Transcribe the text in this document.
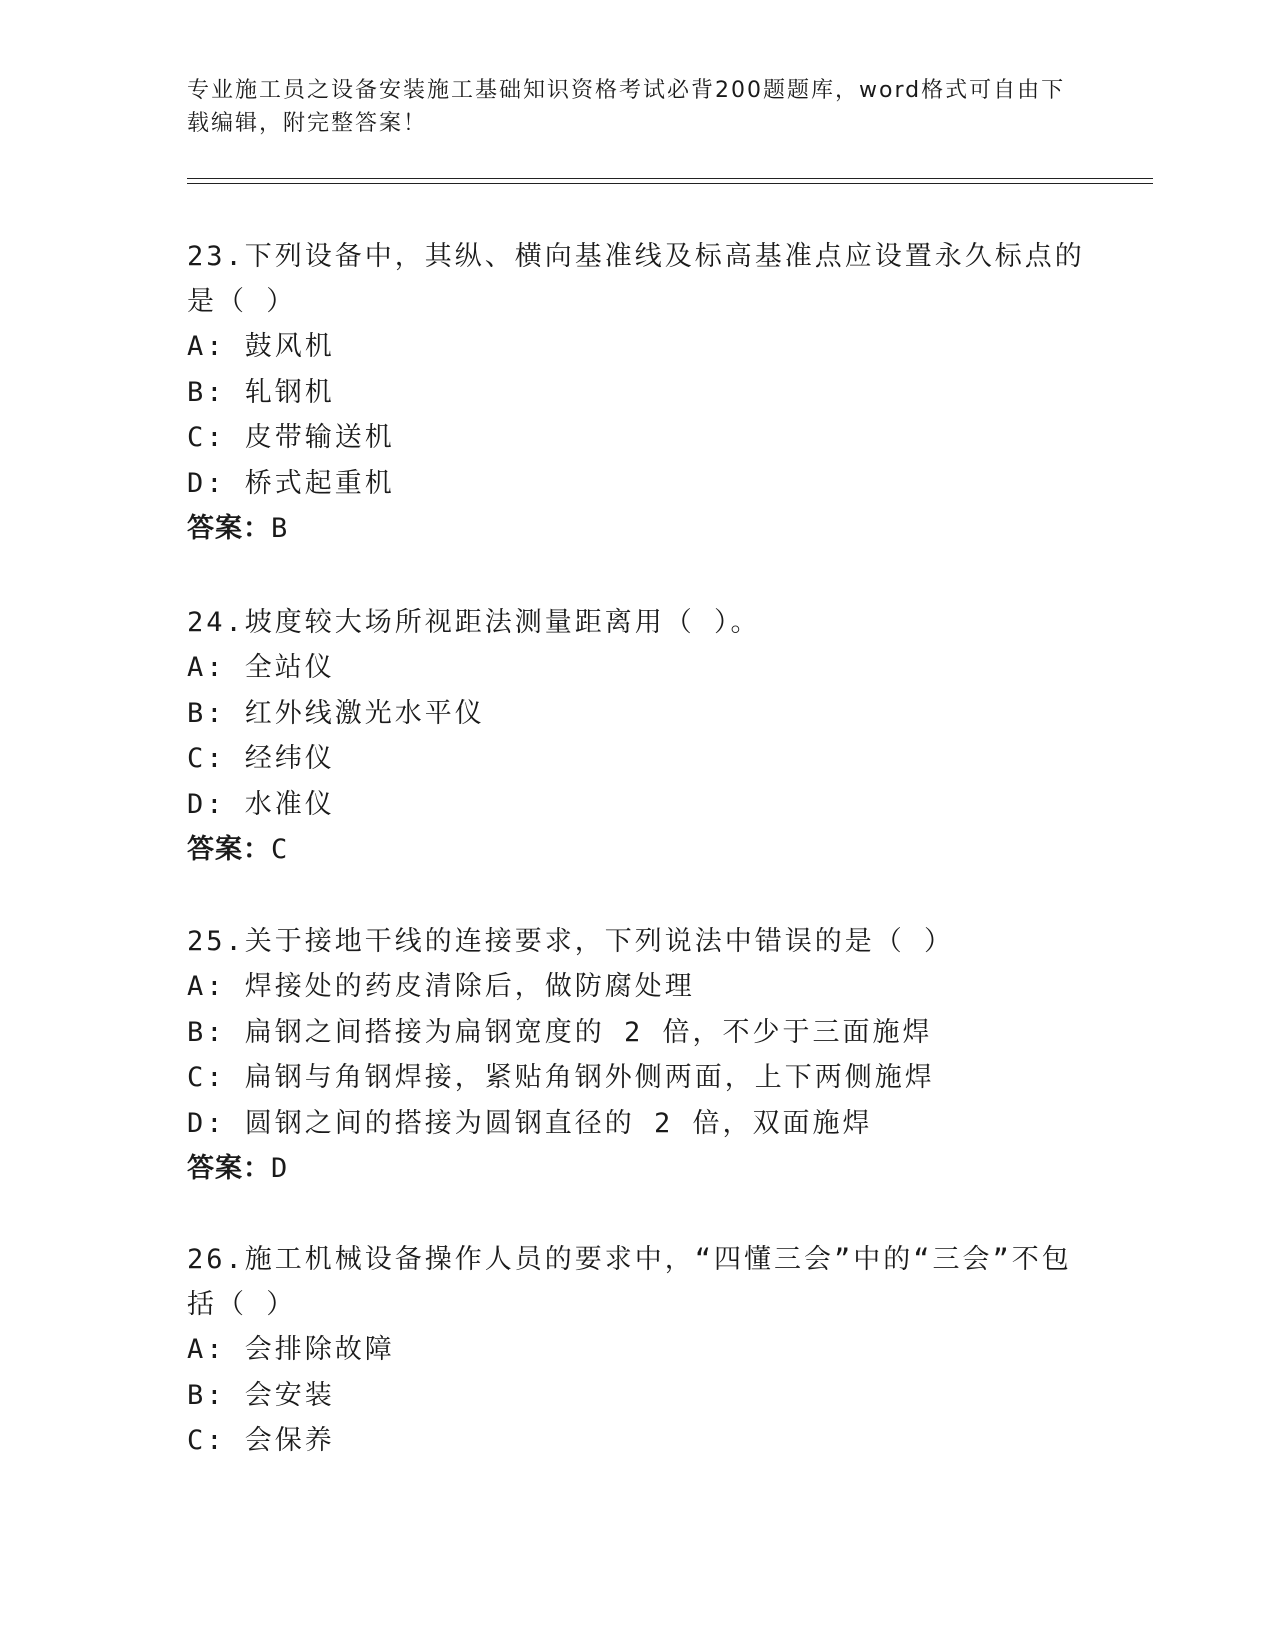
专业施工员之设备安装施工基础知识资格考试必背200题题库，word格式可自由下载编辑，附完整答案！
23.下列设备中，其纵、横向基准线及标高基准点应设置永久标点的是（ ）
A: 鼓风机
B: 轧钢机
C: 皮带输送机
D: 桥式起重机
答案：B
24.坡度较大场所视距法测量距离用（ ）。
A: 全站仪
B: 红外线激光水平仪
C: 经纬仪
D: 水准仪
答案：C
25.关于接地干线的连接要求，下列说法中错误的是（ ）
A: 焊接处的药皮清除后，做防腐处理
B: 扁钢之间搭接为扁钢宽度的 2 倍，不少于三面施焊
C: 扁钢与角钢焊接，紧贴角钢外侧两面，上下两侧施焊
D: 圆钢之间的搭接为圆钢直径的 2 倍，双面施焊
答案：D
26.施工机械设备操作人员的要求中，“四懂三会”中的“三会”不包括（ ）
A: 会排除故障
B: 会安装
C: 会保养
